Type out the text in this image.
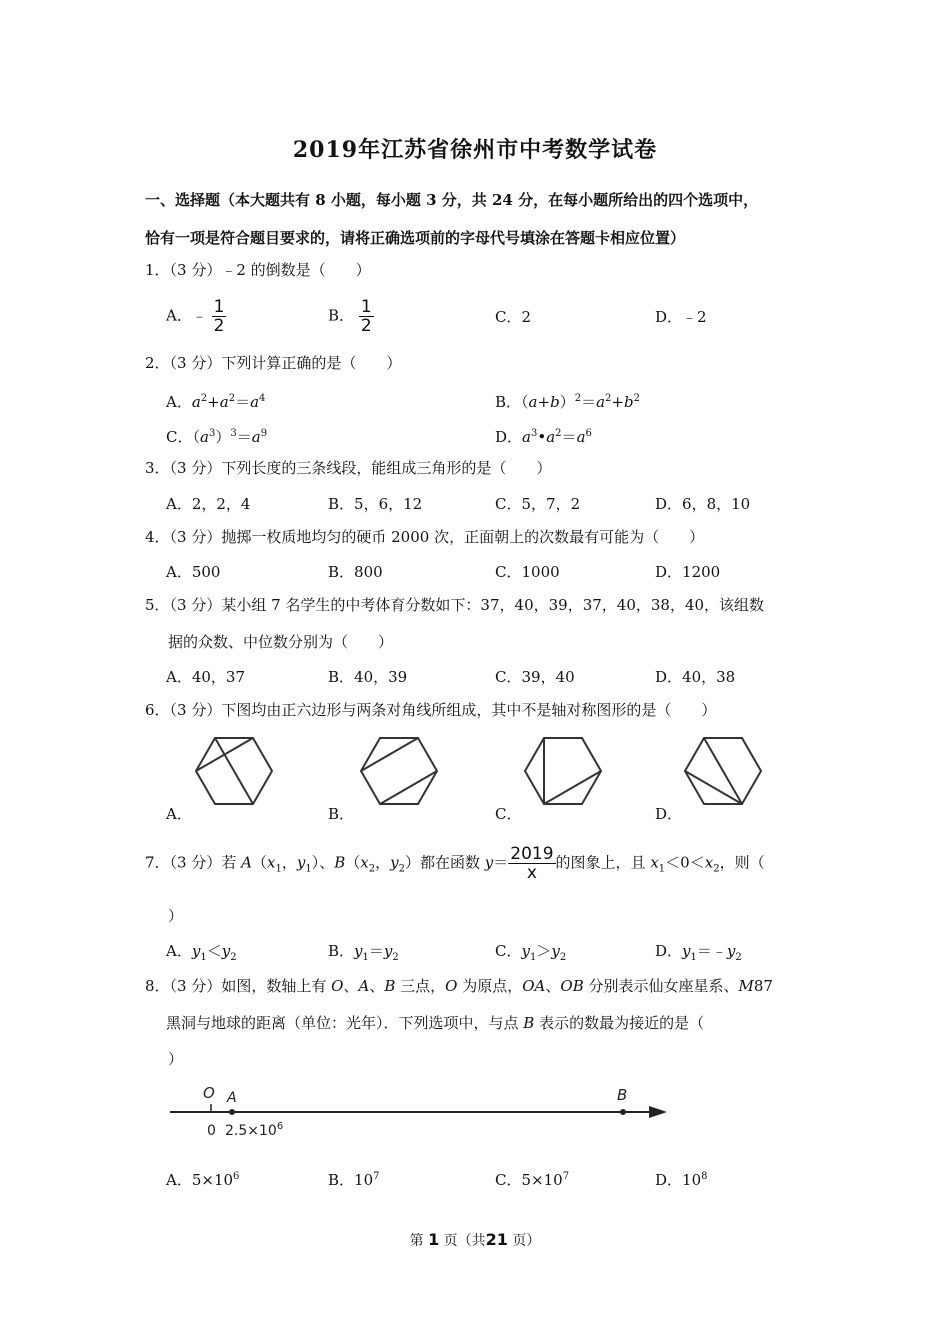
2019年江苏省徐州市中考数学试卷
一、选择题（本大题共有 8 小题，每小题 3 分，共 24 分，在每小题所给出的四个选项中，
恰有一项是符合题目要求的，请将正确选项前的字母代号填涂在答题卡相应位置）
1．（3 分）﹣2 的倒数是（　　）
A．﹣ $\frac{1}{2}$	B． $\frac{1}{2}$	C．2	D．﹣2
2．（3 分）下列计算正确的是（　　）
A．$a^2+a^2=a^4$	B．$(a+b)^2=a^2+b^2$
C．$(a^3)^3=a^9$	D．$a^3•a^2=a^6$
3．（3 分）下列长度的三条线段，能组成三角形的是（　　）
A．2，2，4	B．5，6，12	C．5，7，2	D．6，8，10
4．（3 分）抛掷一枚质地均匀的硬币 2000 次，正面朝上的次数最有可能为（　　）
A．500	B．800	C．1000	D．1200
5．（3 分）某小组 7 名学生的中考体育分数如下：37，40，39，37，40，38，40，该组数
据的众数、中位数分别为（　　）
A．40，37	B．40，39	C．39，40	D．40，38
6．（3 分）下图均由正六边形与两条对角线所组成，其中不是轴对称图形的是（　　）
A．	B．	C．	D．
7．（3 分）若 $A(x_1$，$y_1$）、$B(x_2$，$y_2$）都在函数 $y= \frac{2019}{x}$ 的图象上，且 $x_1<0<x_2$，则（
）
A．$y_1<y_2$	B．$y_1=y_2$	C．$y_1>y_2$	D．$y_1=﹣y_2$
8．（3 分）如图，数轴上有 O、A、B 三点，O 为原点，OA、OB 分别表示仙女座星系、M87
黑洞与地球的距离（单位：光年）．下列选项中，与点 B 表示的数最为接近的是（
）
O A	B
0 $2.5\times 10^6$
A．$5\times 10^6$	B．$10^7$	C．$5\times 10^7$	D．$10^8$
第 1 页（共21 页）
